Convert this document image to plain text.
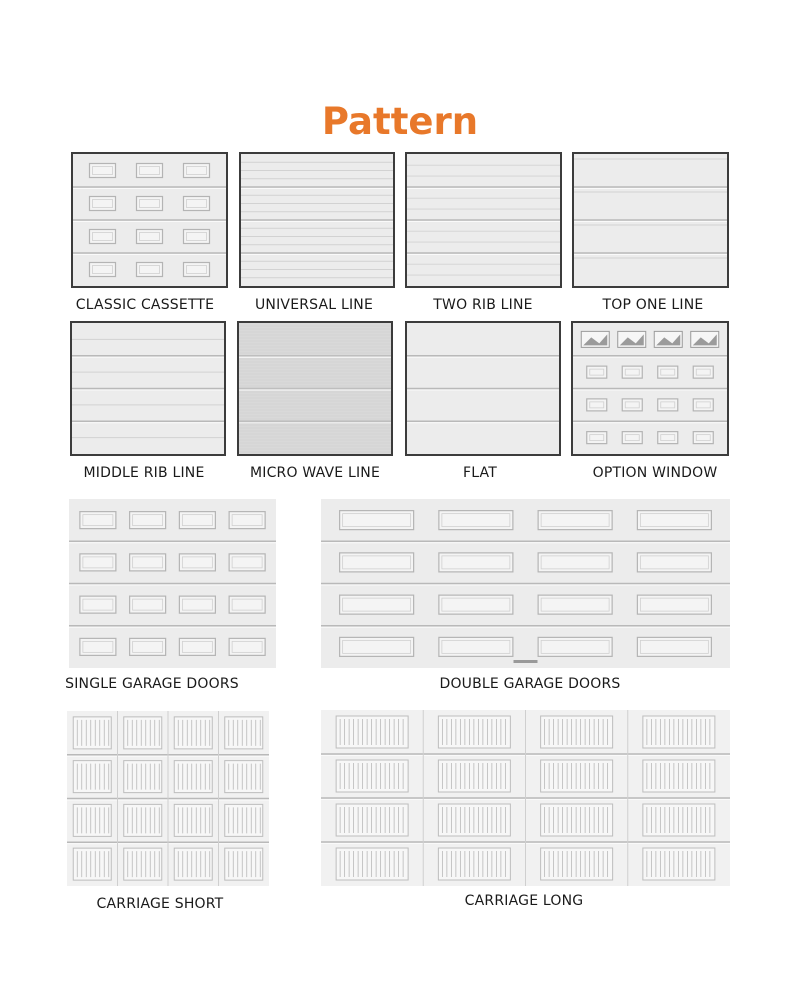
Pattern
CLASSIC CASSETTE	UNIVERSAL LINE	TWO RIB LINE	TOP ONE LINE
MIDDLE RIB LINE	MICRO WAVE LINE	FLAT	OPTION WINDOW
SINGLE GARAGE DOORS	DOUBLE GARAGE DOORS
CARRIAGE SHORT	CARRIAGE LONG
